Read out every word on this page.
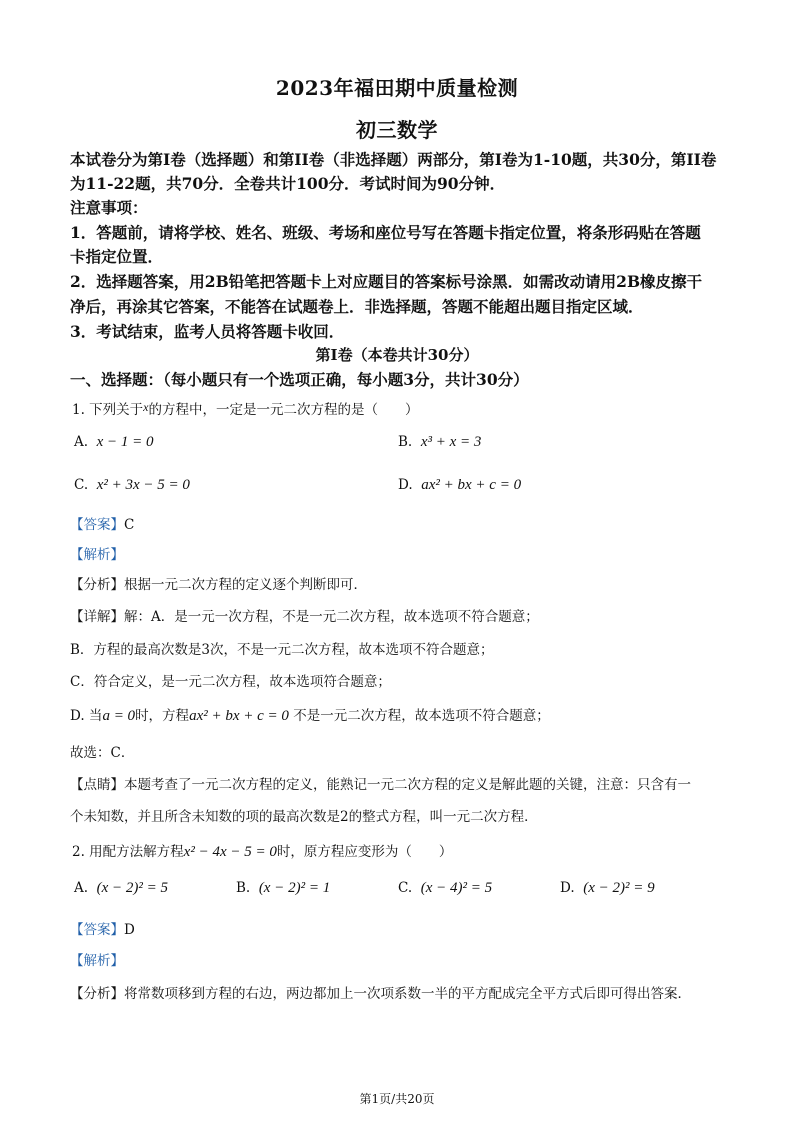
2023年福田期中质量检测
初三数学
本试卷分为第I卷（选择题）和第II卷（非选择题）两部分，第I卷为1-10题，共30分，第II卷
为11-22题，共70分．全卷共计100分．考试时间为90分钟．
注意事项：
1．答题前，请将学校、姓名、班级、考场和座位号写在答题卡指定位置，将条形码贴在答题
卡指定位置．
2．选择题答案，用2B铅笔把答题卡上对应题目的答案标号涂黑．如需改动请用2B橡皮擦干
净后，再涂其它答案，不能答在试题卷上．非选择题，答题不能超出题目指定区域．
3．考试结束，监考人员将答题卡收回．
第I卷（本卷共计30分）
一、选择题：（每小题只有一个选项正确，每小题3分，共计30分）
1. 下列关于x的方程中，一定是一元二次方程的是（　　）
A. x − 1 = 0	B. x³ + x = 3
C. x² + 3x − 5 = 0	D. ax² + bx + c = 0
【答案】C
【解析】
【分析】根据一元二次方程的定义逐个判断即可．
【详解】解：A．是一元一次方程，不是一元二次方程，故本选项不符合题意；
B．方程的最高次数是3次，不是一元二次方程，故本选项不符合题意；
C．符合定义，是一元二次方程，故本选项符合题意；
D. 当a = 0时，方程ax² + bx + c = 0 不是一元二次方程，故本选项不符合题意；
故选：C．
【点睛】本题考查了一元二次方程的定义，能熟记一元二次方程的定义是解此题的关键，注意：只含有一
个未知数，并且所含未知数的项的最高次数是2的整式方程，叫一元二次方程．
2. 用配方法解方程x² − 4x − 5 = 0时，原方程应变形为（　　）
A. (x − 2)² = 5	B. (x − 2)² = 1	C. (x − 4)² = 5	D. (x − 2)² = 9
【答案】D
【解析】
【分析】将常数项移到方程的右边，两边都加上一次项系数一半的平方配成完全平方式后即可得出答案．
第1页/共20页
